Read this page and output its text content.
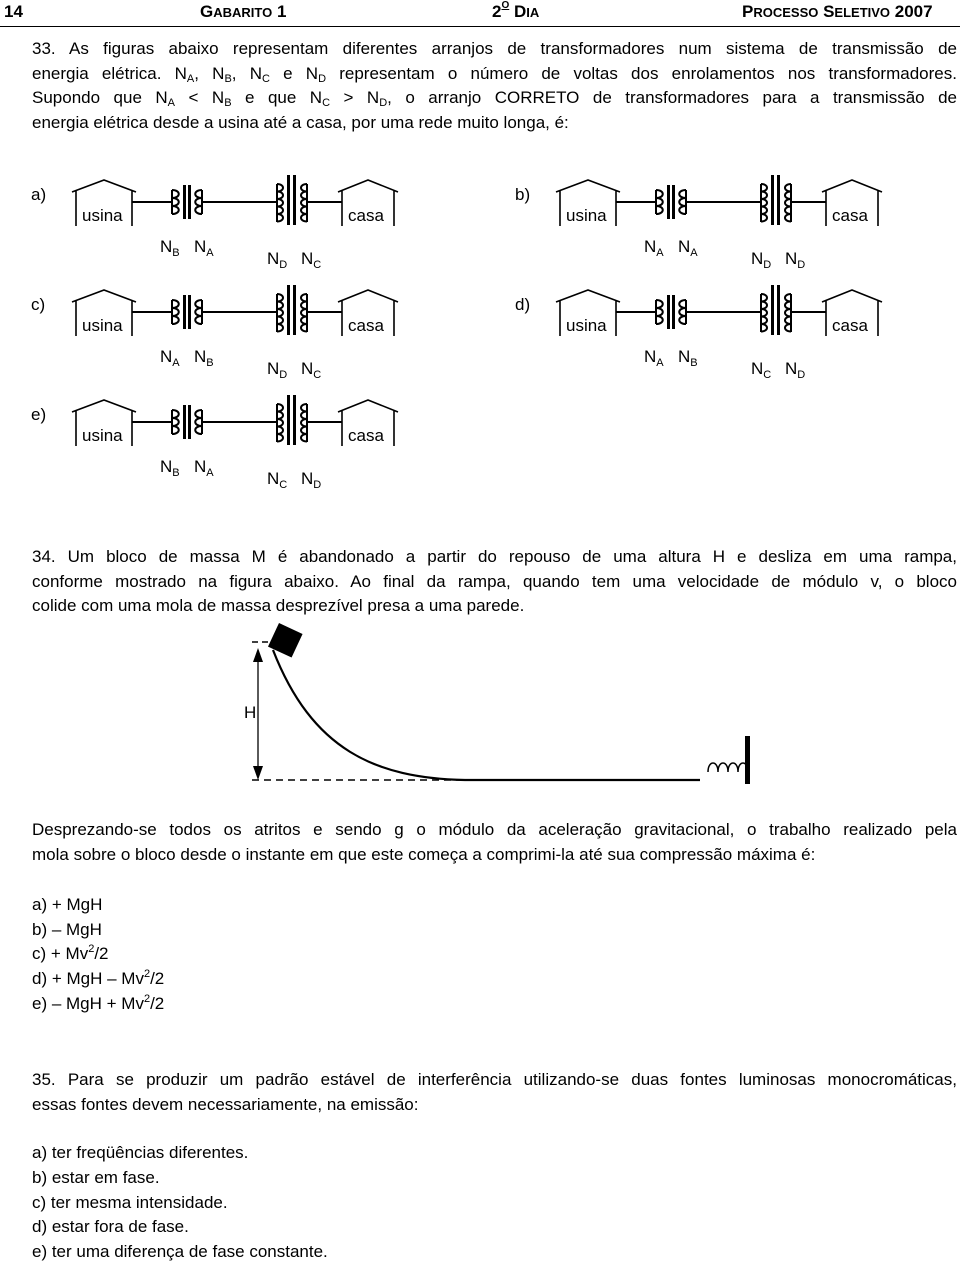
14	GABARITO 1	$2^O$ DIA	PROCESSO SELETIVO 2007
33. As figuras abaixo representam diferentes arranjos de transformadores num sistema de transmissão de
energia elétrica. $N_A$, $N_B$, $N_C$ e $N_D$ representam o número de voltas dos enrolamentos nos transformadores.
Supondo que $N_A < N_B$ e que $N_C > N_D$, o arranjo CORRETO de transformadores para a transmissão de
energia elétrica desde a usina até a casa, por uma rede muito longa, é:
a)
usina	casa
$N_B$ $N_A$	$N_D$ $N_C$
b)
usina	casa
$N_A$ $N_A$	$N_D$ $N_D$
c)
usina	casa
$N_A$ $N_B$	$N_D$ $N_C$
d)
usina	casa
$N_A$ $N_B$	$N_C$ $N_D$
e)
usina	casa
$N_B$ $N_A$	$N_C$ $N_D$
34. Um bloco de massa M é abandonado a partir do repouso de uma altura H e desliza em uma rampa,
conforme mostrado na figura abaixo. Ao final da rampa, quando tem uma velocidade de módulo v, o bloco
colide com uma mola de massa desprezível presa a uma parede.
H
Desprezando-se todos os atritos e sendo g o módulo da aceleração gravitacional, o trabalho realizado pela
mola sobre o bloco desde o instante em que este começa a comprimi-la até sua compressão máxima é:
a) + MgH
b) – MgH
$c) + Mv^2/2$
d) + MgH – Mv$^2$/2
e) – MgH + $Mv^2/2$
35. Para se produzir um padrão estável de interferência utilizando-se duas fontes luminosas monocromáticas,
essas fontes devem necessariamente, na emissão:
a) ter freqüências diferentes.
b) estar em fase.
c) ter mesma intensidade.
d) estar fora de fase.
e) ter uma diferença de fase constante.
